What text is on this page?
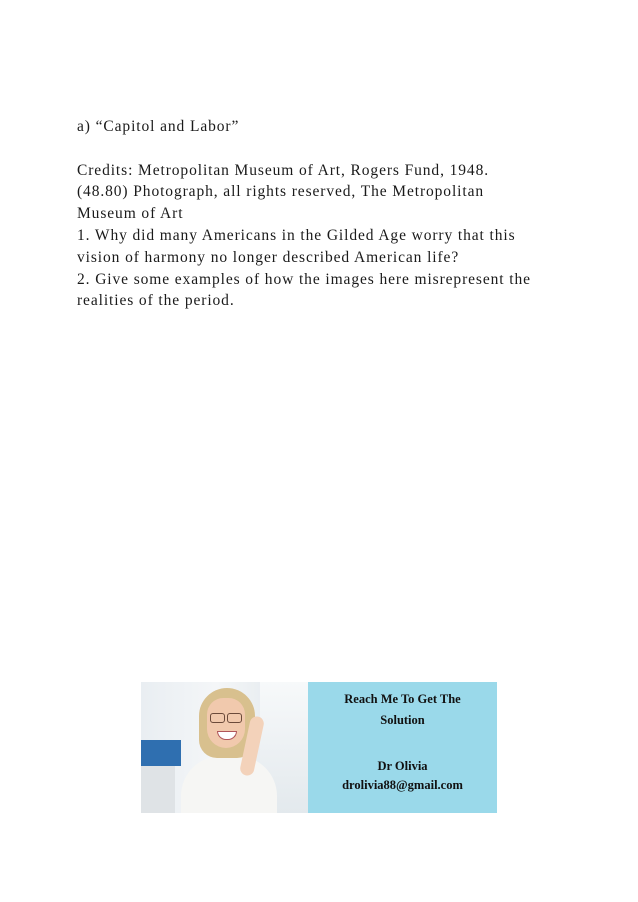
a) “Capitol and Labor”

Credits: Metropolitan Museum of Art, Rogers Fund, 1948.

(48.80) Photograph, all rights reserved, The Metropolitan

Museum of Art

1. Why did many Americans in the Gilded Age worry that this

vision of harmony no longer described American life?

2. Give some examples of how the images here misrepresent the

realities of the period.

Reach Me To Get The
Solution
Dr Olivia
drolivia88@gmail.com
